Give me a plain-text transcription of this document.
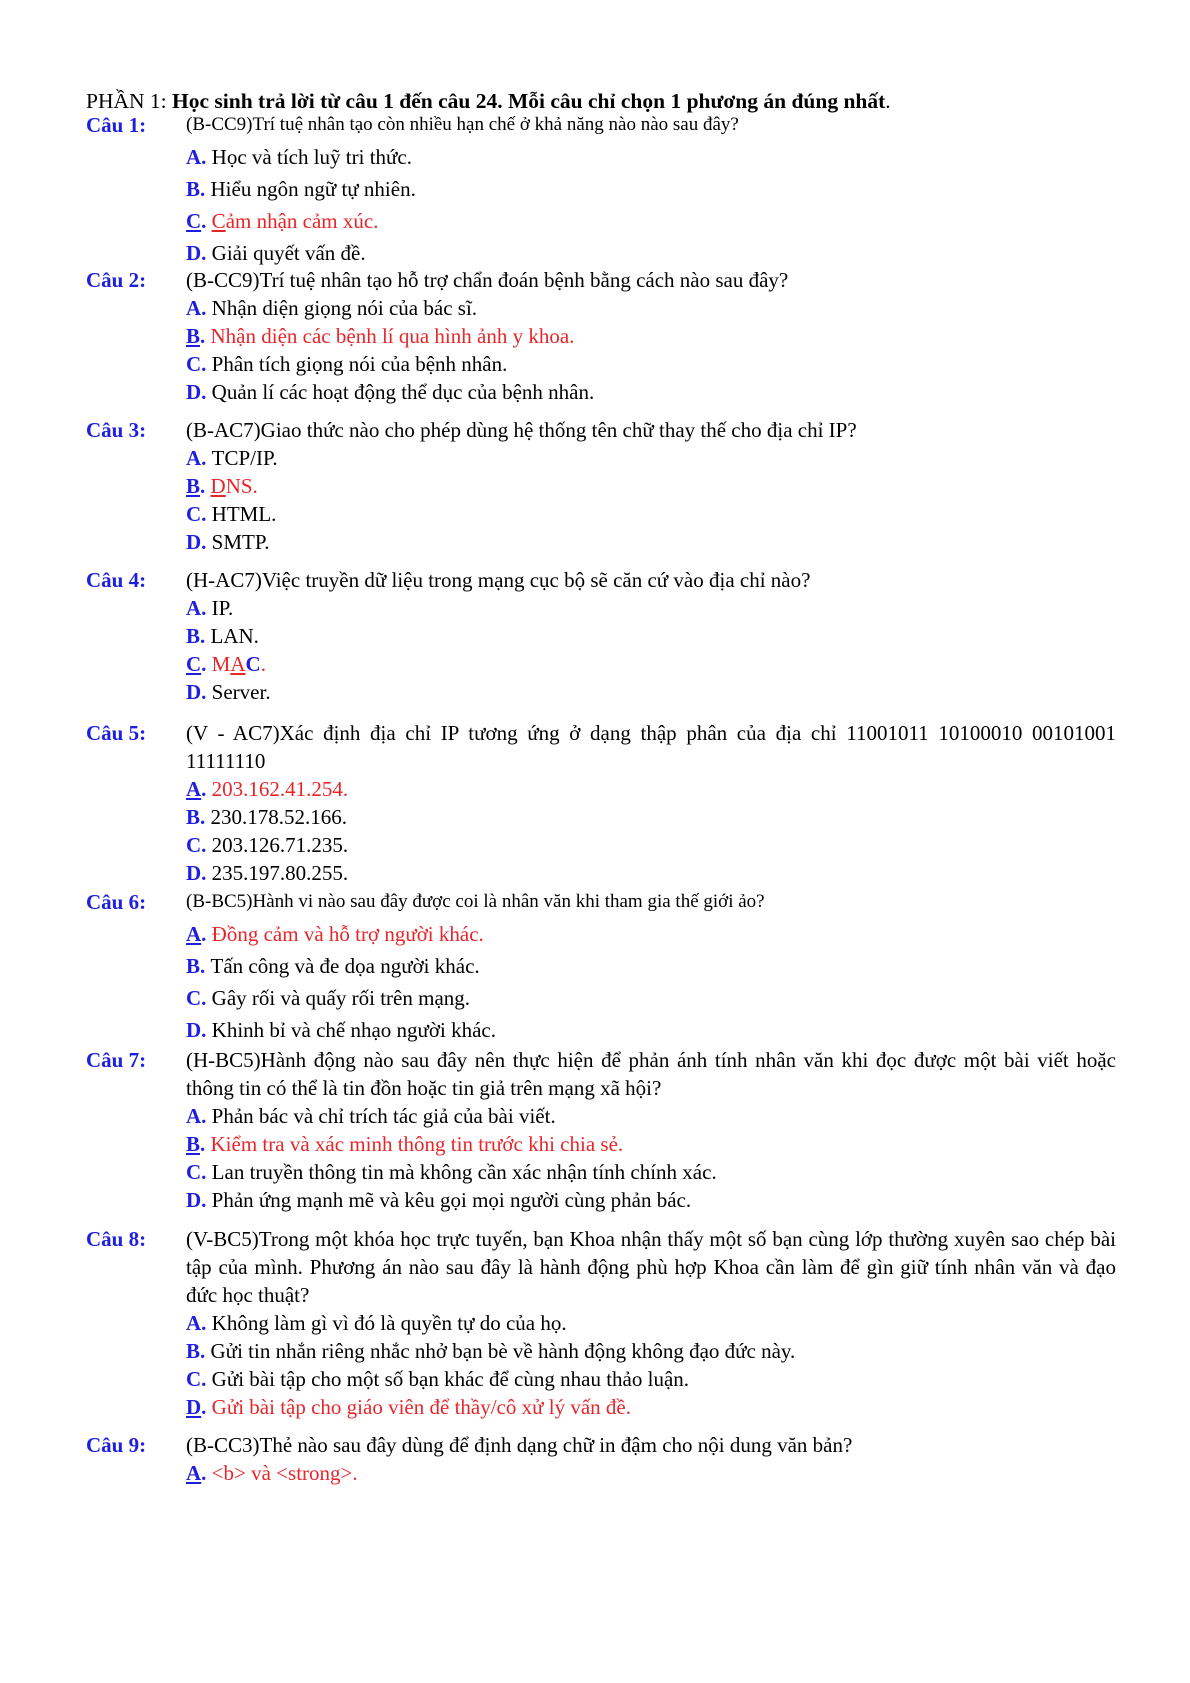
PHẦN 1: Học sinh trả lời từ câu 1 đến câu 24. Mỗi câu chỉ chọn 1 phương án đúng nhất.
Câu 1: (B-CC9)Trí tuệ nhân tạo còn nhiều hạn chế ở khả năng nào nào sau đây?
A. Học và tích luỹ tri thức.
B. Hiểu ngôn ngữ tự nhiên.
C. Cảm nhận cảm xúc.
D. Giải quyết vấn đề.
Câu 2: (B-CC9)Trí tuệ nhân tạo hỗ trợ chẩn đoán bệnh bằng cách nào sau đây?
A. Nhận diện giọng nói của bác sĩ.
B. Nhận diện các bệnh lí qua hình ảnh y khoa.
C. Phân tích giọng nói của bệnh nhân.
D. Quản lí các hoạt động thể dục của bệnh nhân.
Câu 3: (B-AC7)Giao thức nào cho phép dùng hệ thống tên chữ thay thế cho địa chỉ IP?
A. TCP/IP.
B. DNS.
C. HTML.
D. SMTP.
Câu 4: (H-AC7)Việc truyền dữ liệu trong mạng cục bộ sẽ căn cứ vào địa chỉ nào?
A. IP.
B. LAN.
C. MAC.
D. Server.
Câu 5: (V - AC7)Xác định địa chỉ IP tương ứng ở dạng thập phân của địa chỉ 11001011 10100010 00101001 11111110
A. 203.162.41.254.
B. 230.178.52.166.
C. 203.126.71.235.
D. 235.197.80.255.
Câu 6: (B-BC5)Hành vi nào sau đây được coi là nhân văn khi tham gia thế giới ảo?
A. Đồng cảm và hỗ trợ người khác.
B. Tấn công và đe dọa người khác.
C. Gây rối và quấy rối trên mạng.
D. Khinh bỉ và chế nhạo người khác.
Câu 7: (H-BC5)Hành động nào sau đây nên thực hiện để phản ánh tính nhân văn khi đọc được một bài viết hoặc thông tin có thể là tin đồn hoặc tin giả trên mạng xã hội?
A. Phản bác và chỉ trích tác giả của bài viết.
B. Kiểm tra và xác minh thông tin trước khi chia sẻ.
C. Lan truyền thông tin mà không cần xác nhận tính chính xác.
D. Phản ứng mạnh mẽ và kêu gọi mọi người cùng phản bác.
Câu 8: (V-BC5)Trong một khóa học trực tuyến, bạn Khoa nhận thấy một số bạn cùng lớp thường xuyên sao chép bài tập của mình. Phương án nào sau đây là hành động phù hợp Khoa cần làm để gìn giữ tính nhân văn và đạo đức học thuật?
A. Không làm gì vì đó là quyền tự do của họ.
B. Gửi tin nhắn riêng nhắc nhở bạn bè về hành động không đạo đức này.
C. Gửi bài tập cho một số bạn khác để cùng nhau thảo luận.
D. Gửi bài tập cho giáo viên để thầy/cô xử lý vấn đề.
Câu 9: (B-CC3)Thẻ nào sau đây dùng để định dạng chữ in đậm cho nội dung văn bản?
A. <b> và <strong>.
